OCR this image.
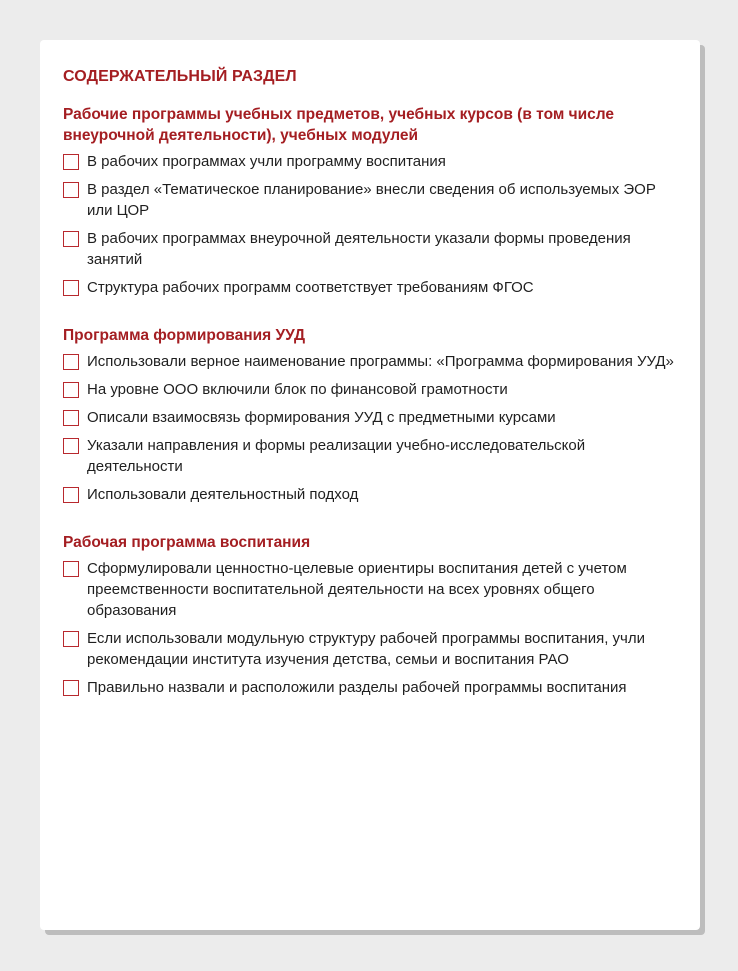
СОДЕРЖАТЕЛЬНЫЙ РАЗДЕЛ
Рабочие программы учебных предметов, учебных курсов (в том числе внеурочной деятельности), учебных модулей
В рабочих программах учли программу воспитания
В раздел «Тематическое планирование» внесли сведения об используемых ЭОР или ЦОР
В рабочих программах внеурочной деятельности указали формы проведения занятий
Структура рабочих программ соответствует требованиям ФГОС
Программа формирования УУД
Использовали верное наименование программы: «Программа формирования УУД»
На уровне ООО включили блок по финансовой грамотности
Описали взаимосвязь формирования УУД с предметными курсами
Указали направления и формы реализации учебно-исследовательской деятельности
Использовали деятельностный подход
Рабочая программа воспитания
Сформулировали ценностно-целевые ориентиры воспитания детей с учетом преемственности воспитательной деятельности на всех уровнях общего образования
Если использовали модульную структуру рабочей программы воспитания, учли рекомендации института изучения детства, семьи и воспитания РАО
Правильно назвали и расположили разделы рабочей программы воспитания
